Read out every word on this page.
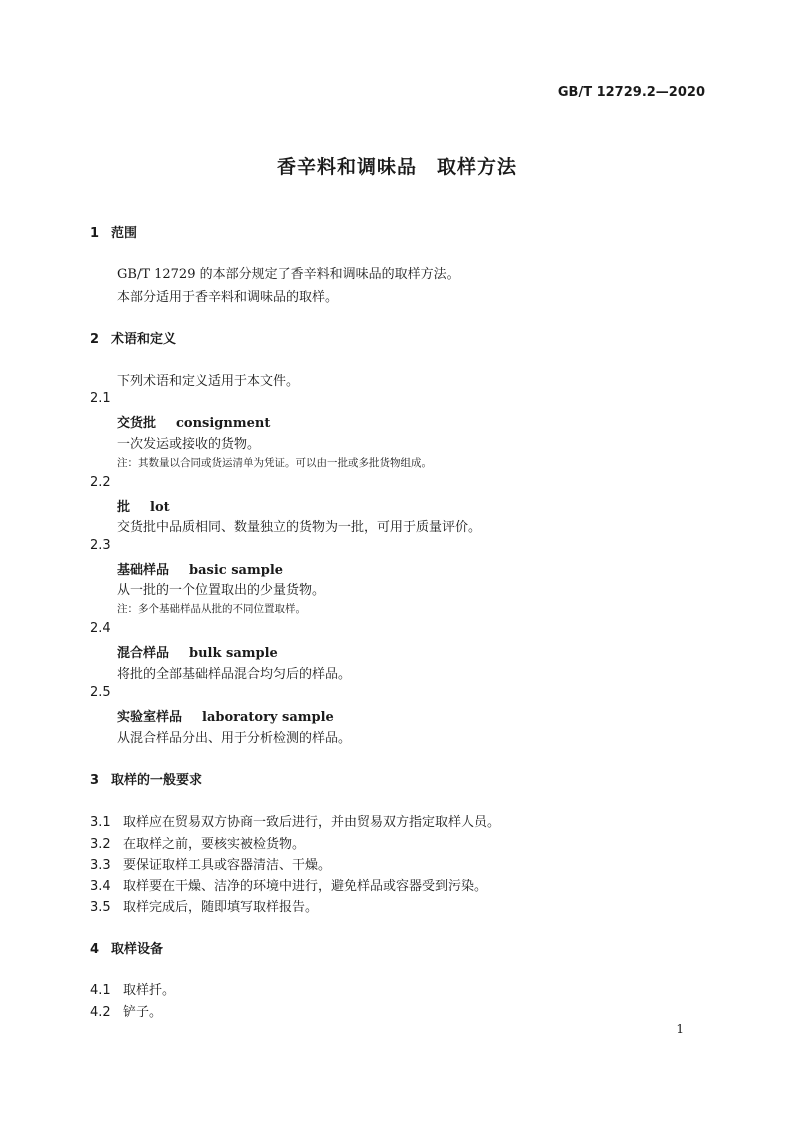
GB/T 12729.2—2020
香辛料和调味品　取样方法
1 范围
GB/T 12729 的本部分规定了香辛料和调味品的取样方法。
本部分适用于香辛料和调味品的取样。
2 术语和定义
下列术语和定义适用于本文件。
2.1
交货批 consignment
一次发运或接收的货物。
注：其数量以合同或货运清单为凭证。可以由一批或多批货物组成。
2.2
批 lot
交货批中品质相同、数量独立的货物为一批，可用于质量评价。
2.3
基础样品 basic sample
从一批的一个位置取出的少量货物。
注：多个基础样品从批的不同位置取样。
2.4
混合样品 bulk sample
将批的全部基础样品混合均匀后的样品。
2.5
实验室样品 laboratory sample
从混合样品分出、用于分析检测的样品。
3 取样的一般要求
3.1 取样应在贸易双方协商一致后进行，并由贸易双方指定取样人员。
3.2 在取样之前，要核实被检货物。
3.3 要保证取样工具或容器清洁、干燥。
3.4 取样要在干燥、洁净的环境中进行，避免样品或容器受到污染。
3.5 取样完成后，随即填写取样报告。
4 取样设备
4.1 取样扦。
4.2 铲子。
1
